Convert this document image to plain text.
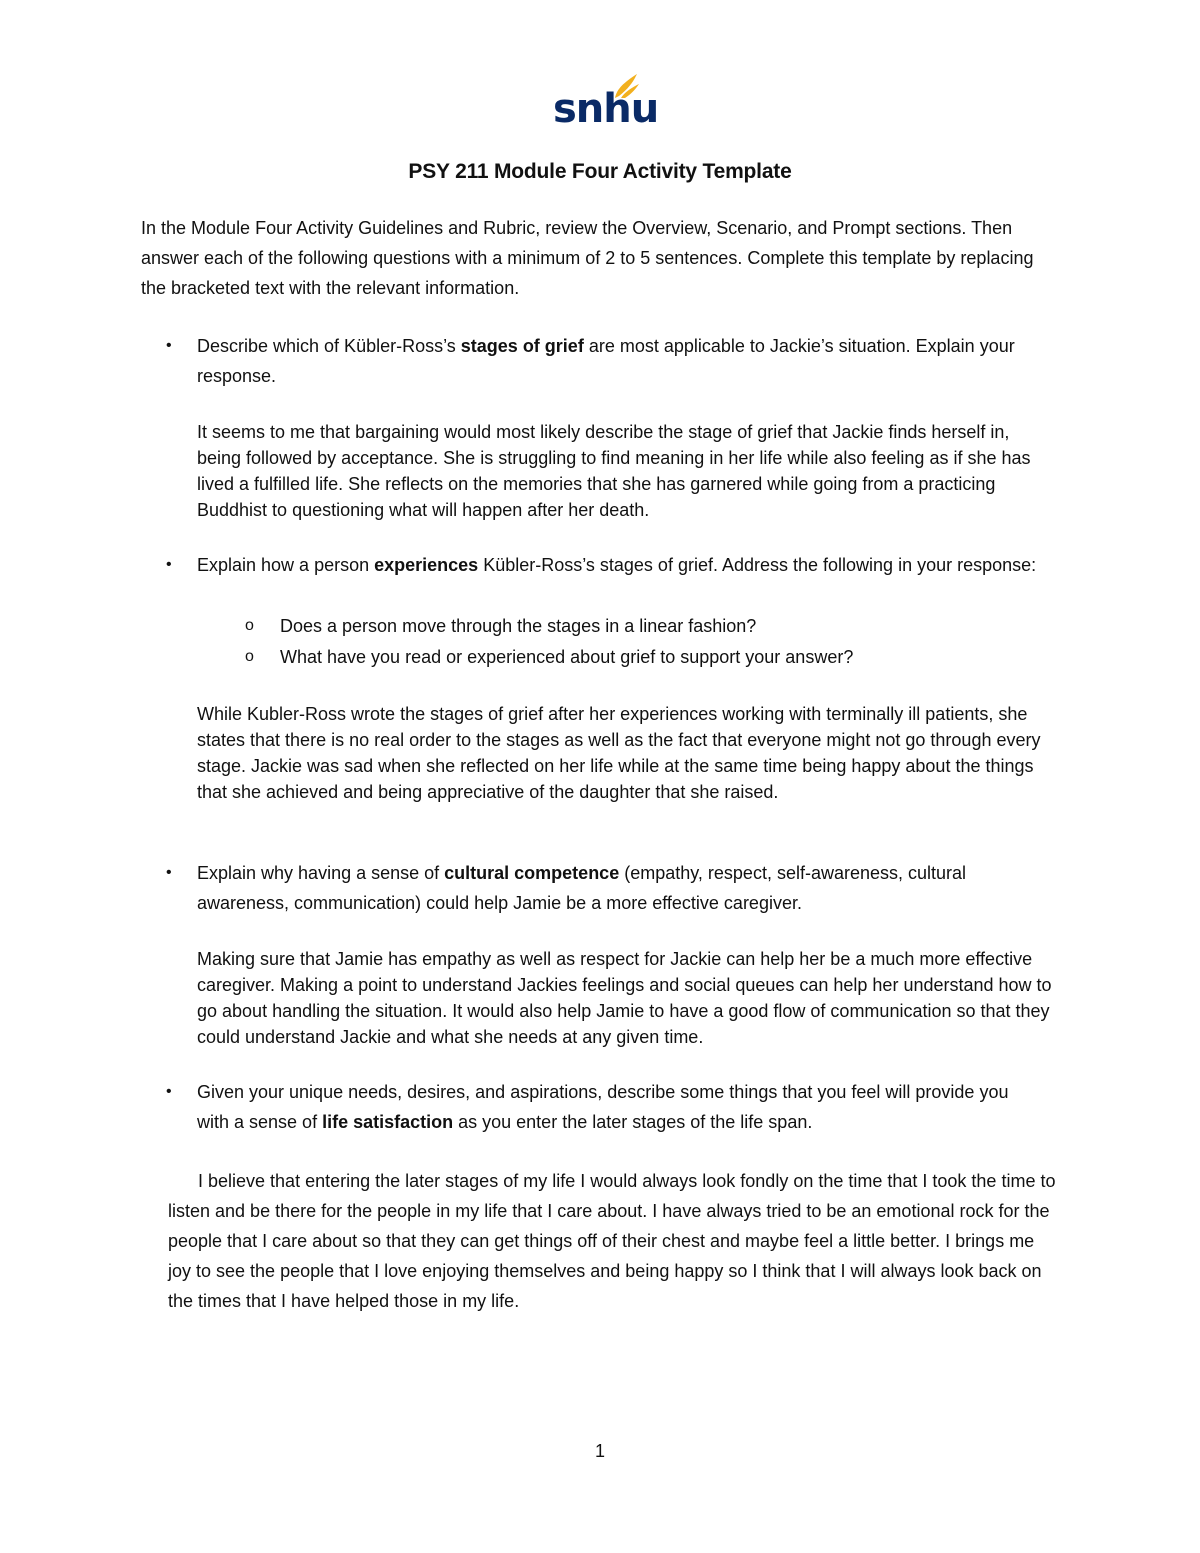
snhu
PSY 211 Module Four Activity Template

In the Module Four Activity Guidelines and Rubric, review the Overview, Scenario, and Prompt sections. Then answer each of the following questions with a minimum of 2 to 5 sentences. Complete this template by replacing the bracketed text with the relevant information.

• Describe which of Kübler-Ross’s stages of grief are most applicable to Jackie’s situation. Explain your response.
It seems to me that bargaining would most likely describe the stage of grief that Jackie finds herself in, being followed by acceptance. She is struggling to find meaning in her life while also feeling as if she has lived a fulfilled life. She reflects on the memories that she has garnered while going from a practicing Buddhist to questioning what will happen after her death.
• Explain how a person experiences Kübler-Ross’s stages of grief. Address the following in your response:
o Does a person move through the stages in a linear fashion?
o What have you read or experienced about grief to support your answer?
While Kubler-Ross wrote the stages of grief after her experiences working with terminally ill patients, she states that there is no real order to the stages as well as the fact that everyone might not go through every stage. Jackie was sad when she reflected on her life while at the same time being happy about the things that she achieved and being appreciative of the daughter that she raised.
• Explain why having a sense of cultural competence (empathy, respect, self-awareness, cultural awareness, communication) could help Jamie be a more effective caregiver.
Making sure that Jamie has empathy as well as respect for Jackie can help her be a much more effective caregiver. Making a point to understand Jackies feelings and social queues can help her understand how to go about handling the situation. It would also help Jamie to have a good flow of communication so that they could understand Jackie and what she needs at any given time.
• Given your unique needs, desires, and aspirations, describe some things that you feel will provide you with a sense of life satisfaction as you enter the later stages of the life span.
I believe that entering the later stages of my life I would always look fondly on the time that I took the time to listen and be there for the people in my life that I care about. I have always tried to be an emotional rock for the people that I care about so that they can get things off of their chest and maybe feel a little better. I brings me joy to see the people that I love enjoying themselves and being happy so I think that I will always look back on the times that I have helped those in my life.
1
